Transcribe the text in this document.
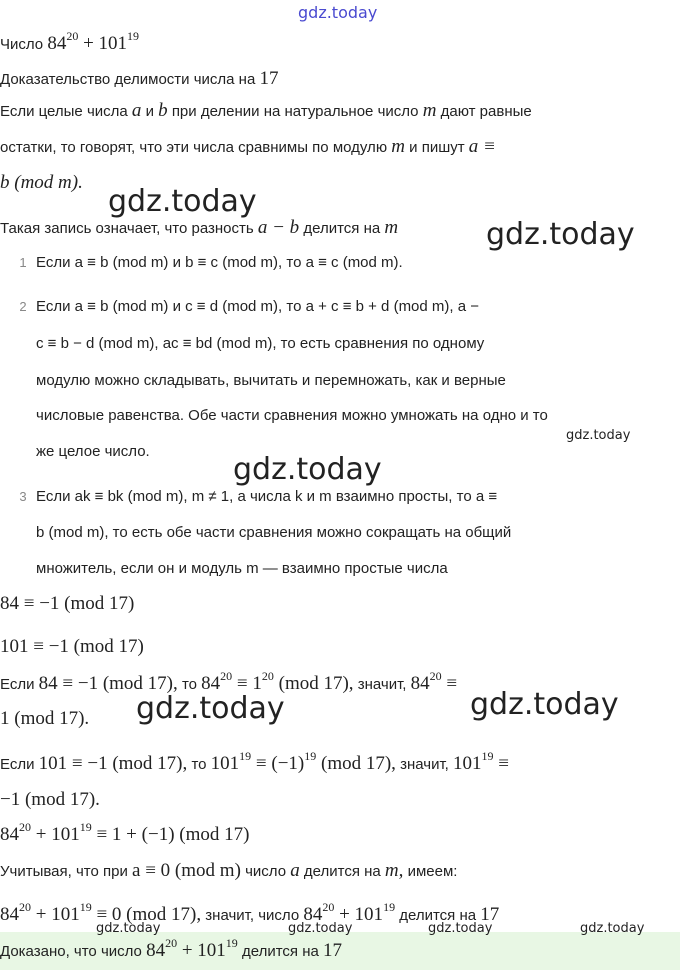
gdz.today
Число $84^{20} + 101^{19}$
Доказательство делимости числа на 17
Если целые числа a и b при делении на натуральное число m дают равные
остатки, то говорят, что эти числа сравнимы по модулю m и пишут a ≡
b (mod m).
gdz.today
Такая запись означает, что разность a − b делится на m	gdz.today
1 Если a ≡ b (mod m) и b ≡ c (mod m), то a ≡ c (mod m).
2 Если a ≡ b (mod m) и c ≡ d (mod m), то a + c ≡ b + d (mod m), a −
c ≡ b − d (mod m), ac ≡ bd (mod m), то есть сравнения по одному
модулю можно складывать, вычитать и перемножать, как и верные
числовые равенства. Обе части сравнения можно умножать на одно и то
gdz.today
же целое число.
gdz.today
3 Если ak ≡ bk (mod m), m ≠ 1, а числа k и m взаимно просты, то a ≡
b (mod m), то есть обе части сравнения можно сокращать на общий
множитель, если он и модуль m — взаимно простые числа
84 ≡ −1 (mod 17)
101 ≡ −1 (mod 17)
Если 84 ≡ −1 (mod 17), то $84^{20} \equiv 1^{20}$ (mod 17), значит, $84^{20}$ ≡
1 (mod 17). gdz.today	gdz.today
Если 101 ≡ −1 (mod 17), то $101^{19} \equiv (-1)^{19}$ (mod 17), значит, $101^{19}$ ≡
−1 (mod 17).
$84^{20} + 101^{19} \equiv 1 + (-1)$ (mod 17)
Учитывая, что при a ≡ 0 (mod m) число a делится на m, имеем:
$84^{20} + 101^{19} \equiv 0$ (mod 17), значит, число $84^{20} + 101^{19}$ делится на 17
Доказано, что число $84^{20} + 101^{19}$ делится на 17
gdz.today	gdz.today	gdz.today	gdz.today
